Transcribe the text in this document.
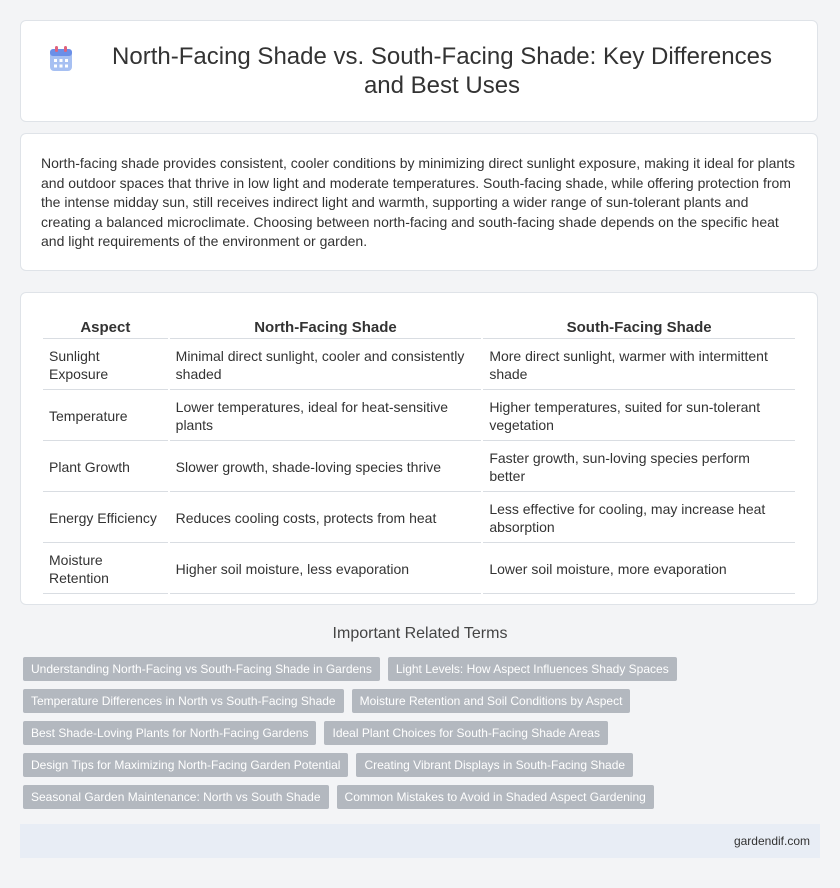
North-Facing Shade vs. South-Facing Shade: Key Differences and Best Uses

North-facing shade provides consistent, cooler conditions by minimizing direct sunlight exposure, making it ideal for plants and outdoor spaces that thrive in low light and moderate temperatures. South-facing shade, while offering protection from the intense midday sun, still receives indirect light and warmth, supporting a wider range of sun-tolerant plants and creating a balanced microclimate. Choosing between north-facing and south-facing shade depends on the specific heat and light requirements of the environment or garden.

Aspect	North-Facing Shade	South-Facing Shade
Sunlight Exposure	Minimal direct sunlight, cooler and consistently shaded	More direct sunlight, warmer with intermittent shade
Temperature	Lower temperatures, ideal for heat-sensitive plants	Higher temperatures, suited for sun-tolerant vegetation
Plant Growth	Slower growth, shade-loving species thrive	Faster growth, sun-loving species perform better
Energy Efficiency	Reduces cooling costs, protects from heat	Less effective for cooling, may increase heat absorption
Moisture Retention	Higher soil moisture, less evaporation	Lower soil moisture, more evaporation
Important Related Terms
Understanding North-Facing vs South-Facing Shade in Gardens	Light Levels: How Aspect Influences Shady Spaces
Temperature Differences in North vs South-Facing Shade	Moisture Retention and Soil Conditions by Aspect
Best Shade-Loving Plants for North-Facing Gardens	Ideal Plant Choices for South-Facing Shade Areas
Design Tips for Maximizing North-Facing Garden Potential	Creating Vibrant Displays in South-Facing Shade
Seasonal Garden Maintenance: North vs South Shade	Common Mistakes to Avoid in Shaded Aspect Gardening
gardendif.com
